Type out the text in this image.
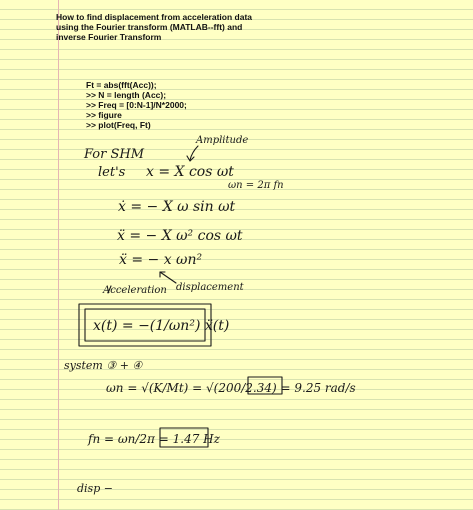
How to find displacement from acceleration data
using the Fourier transform (MATLAB--fft) and
inverse Fourier Transform
Ft = abs(fft(Acc));
>> N = length (Acc);
>> Freq = [0:N-1]/N*2000;
>> figure
>> plot(Freq, Ft)
For SHM
Amplitude
let's x = X cos ωt
ωn = 2π fn
ẋ = − X ω sin ωt
ẍ = − X ω² cos ωt
ẍ = − x ωn²
displacement
Acceleration
x(t) = −(1/ωn²) ẍ(t)
system ③ + ④
ωn = √(K/Mt) = √(200/2.34) = 9.25 rad/s
fn = ωn/2π = 1.47 Hz
disp −
